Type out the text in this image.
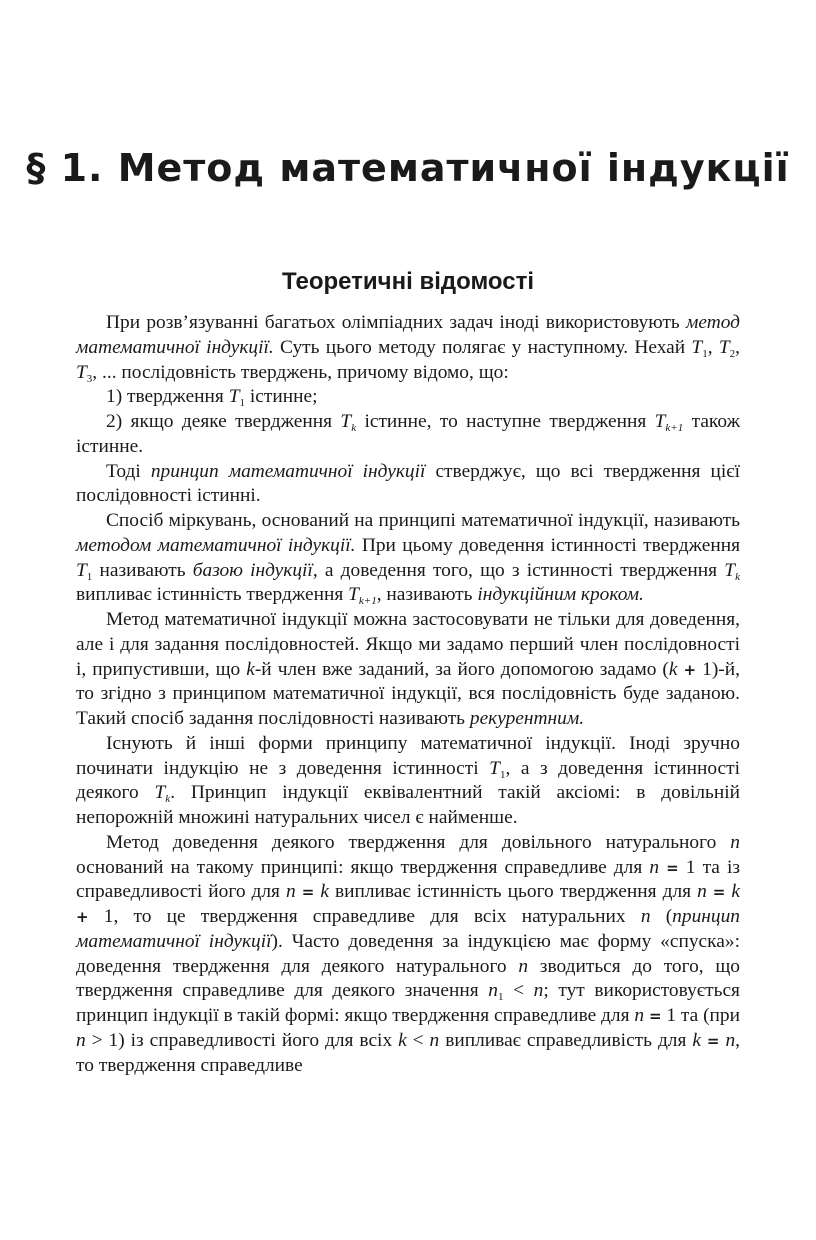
§ 1. Метод математичної індукції
Теоретичні відомості

При розв’язуванні багатьох олімпіадних задач іноді використовують метод математичної індукції. Суть цього методу полягає у наступному. Нехай $T_1$, $T_2$, $T_3$, ... послідовність тверджень, причому відомо, що:

1) твердження $T_1$ істинне;

2) якщо деяке твердження $T_k$ істинне, то наступне твердження $T_{k+1}$ також істинне.

Тоді принцип математичної індукції стверджує, що всі твердження цієї послідовності істинні.

Спосіб міркувань, оснований на принципі математичної індукції, називають методом математичної індукції. При цьому доведення істинності твердження $T_1$ називають базою індукції, а доведення того, що з істинності твердження $T_k$ випливає істинність твердження $T_{k+1}$, називають індукційним кроком.

Метод математичної індукції можна застосовувати не тільки для доведення, але і для задання послідовностей. Якщо ми задамо перший член послідовності і, припустивши, що k-й член вже заданий, за його допомогою задамо (k + 1)-й, то згідно з принципом математичної індукції, вся послідовність буде заданою. Такий спосіб задання послідовності називають рекурентним.

Існують й інші форми принципу математичної індукції. Іноді зручно починати індукцію не з доведення істинності $T_1$, а з доведення істинності деякого $T_k$. Принцип індукції еквівалентний такій аксіомі: в довільній непорожній множині натуральних чисел є найменше.

Метод доведення деякого твердження для довільного натурального n оснований на такому принципі: якщо твердження справедливе для n = 1 та із справедливості його для n = k випливає істинність цього твердження для n = k + 1, то це твердження справедливе для всіх натуральних n (принцип математичної індукції). Часто доведення за індукцією має форму «спуска»: доведення твердження для деякого натурального n зводиться до того, що твердження справедливе для деякого значення $n_1 < n$; тут використовується принцип індукції в такій формі: якщо твердження справедливе для n = 1 та (при n > 1) із справедливості його для всіх k < n випливає справедливість для k = n, то твердження справедливе
